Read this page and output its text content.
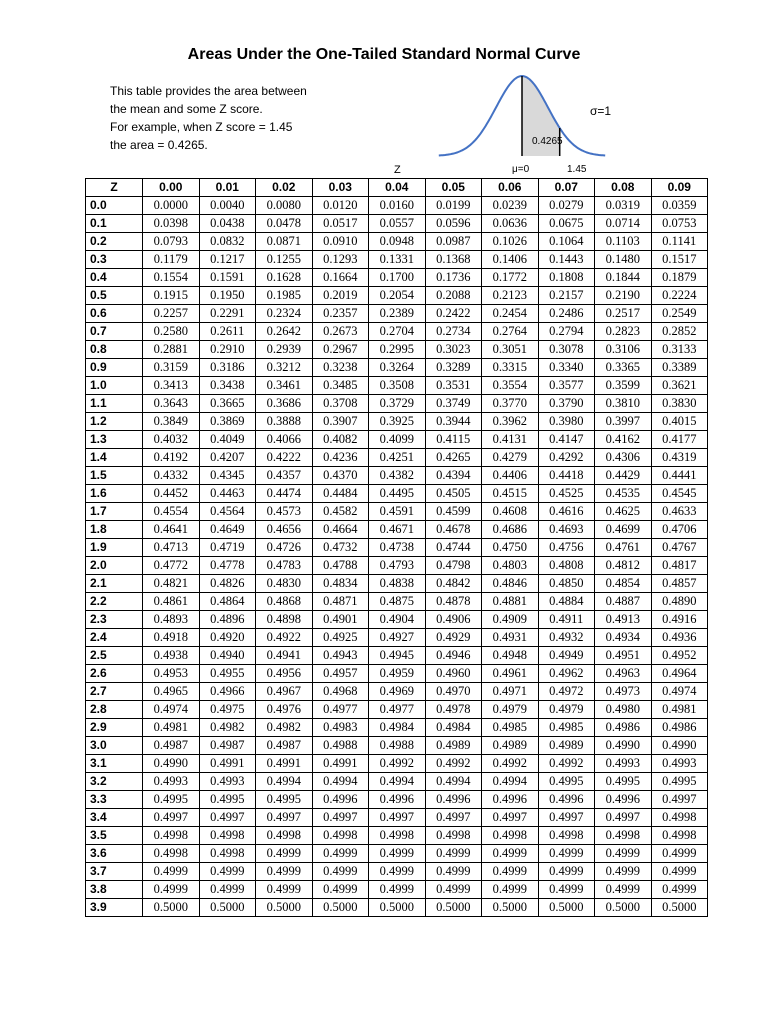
Areas Under the One-Tailed Standard Normal Curve
This table provides the area between
the mean and some Z score.
For example, when Z score = 1.45
the area = 0.4265.
σ=1
0.4265
Z	μ=0	1.45
Z	0.00	0.01	0.02	0.03	0.04	0.05	0.06	0.07	0.08	0.09
0.0	0.0000	0.0040	0.0080	0.0120	0.0160	0.0199	0.0239	0.0279	0.0319	0.0359
0.1	0.0398	0.0438	0.0478	0.0517	0.0557	0.0596	0.0636	0.0675	0.0714	0.0753
0.2	0.0793	0.0832	0.0871	0.0910	0.0948	0.0987	0.1026	0.1064	0.1103	0.1141
0.3	0.1179	0.1217	0.1255	0.1293	0.1331	0.1368	0.1406	0.1443	0.1480	0.1517
0.4	0.1554	0.1591	0.1628	0.1664	0.1700	0.1736	0.1772	0.1808	0.1844	0.1879
0.5	0.1915	0.1950	0.1985	0.2019	0.2054	0.2088	0.2123	0.2157	0.2190	0.2224
0.6	0.2257	0.2291	0.2324	0.2357	0.2389	0.2422	0.2454	0.2486	0.2517	0.2549
0.7	0.2580	0.2611	0.2642	0.2673	0.2704	0.2734	0.2764	0.2794	0.2823	0.2852
0.8	0.2881	0.2910	0.2939	0.2967	0.2995	0.3023	0.3051	0.3078	0.3106	0.3133
0.9	0.3159	0.3186	0.3212	0.3238	0.3264	0.3289	0.3315	0.3340	0.3365	0.3389
1.0	0.3413	0.3438	0.3461	0.3485	0.3508	0.3531	0.3554	0.3577	0.3599	0.3621
1.1	0.3643	0.3665	0.3686	0.3708	0.3729	0.3749	0.3770	0.3790	0.3810	0.3830
1.2	0.3849	0.3869	0.3888	0.3907	0.3925	0.3944	0.3962	0.3980	0.3997	0.4015
1.3	0.4032	0.4049	0.4066	0.4082	0.4099	0.4115	0.4131	0.4147	0.4162	0.4177
1.4	0.4192	0.4207	0.4222	0.4236	0.4251	0.4265	0.4279	0.4292	0.4306	0.4319
1.5	0.4332	0.4345	0.4357	0.4370	0.4382	0.4394	0.4406	0.4418	0.4429	0.4441
1.6	0.4452	0.4463	0.4474	0.4484	0.4495	0.4505	0.4515	0.4525	0.4535	0.4545
1.7	0.4554	0.4564	0.4573	0.4582	0.4591	0.4599	0.4608	0.4616	0.4625	0.4633
1.8	0.4641	0.4649	0.4656	0.4664	0.4671	0.4678	0.4686	0.4693	0.4699	0.4706
1.9	0.4713	0.4719	0.4726	0.4732	0.4738	0.4744	0.4750	0.4756	0.4761	0.4767
2.0	0.4772	0.4778	0.4783	0.4788	0.4793	0.4798	0.4803	0.4808	0.4812	0.4817
2.1	0.4821	0.4826	0.4830	0.4834	0.4838	0.4842	0.4846	0.4850	0.4854	0.4857
2.2	0.4861	0.4864	0.4868	0.4871	0.4875	0.4878	0.4881	0.4884	0.4887	0.4890
2.3	0.4893	0.4896	0.4898	0.4901	0.4904	0.4906	0.4909	0.4911	0.4913	0.4916
2.4	0.4918	0.4920	0.4922	0.4925	0.4927	0.4929	0.4931	0.4932	0.4934	0.4936
2.5	0.4938	0.4940	0.4941	0.4943	0.4945	0.4946	0.4948	0.4949	0.4951	0.4952
2.6	0.4953	0.4955	0.4956	0.4957	0.4959	0.4960	0.4961	0.4962	0.4963	0.4964
2.7	0.4965	0.4966	0.4967	0.4968	0.4969	0.4970	0.4971	0.4972	0.4973	0.4974
2.8	0.4974	0.4975	0.4976	0.4977	0.4977	0.4978	0.4979	0.4979	0.4980	0.4981
2.9	0.4981	0.4982	0.4982	0.4983	0.4984	0.4984	0.4985	0.4985	0.4986	0.4986
3.0	0.4987	0.4987	0.4987	0.4988	0.4988	0.4989	0.4989	0.4989	0.4990	0.4990
3.1	0.4990	0.4991	0.4991	0.4991	0.4992	0.4992	0.4992	0.4992	0.4993	0.4993
3.2	0.4993	0.4993	0.4994	0.4994	0.4994	0.4994	0.4994	0.4995	0.4995	0.4995
3.3	0.4995	0.4995	0.4995	0.4996	0.4996	0.4996	0.4996	0.4996	0.4996	0.4997
3.4	0.4997	0.4997	0.4997	0.4997	0.4997	0.4997	0.4997	0.4997	0.4997	0.4998
3.5	0.4998	0.4998	0.4998	0.4998	0.4998	0.4998	0.4998	0.4998	0.4998	0.4998
3.6	0.4998	0.4998	0.4999	0.4999	0.4999	0.4999	0.4999	0.4999	0.4999	0.4999
3.7	0.4999	0.4999	0.4999	0.4999	0.4999	0.4999	0.4999	0.4999	0.4999	0.4999
3.8	0.4999	0.4999	0.4999	0.4999	0.4999	0.4999	0.4999	0.4999	0.4999	0.4999
3.9	0.5000	0.5000	0.5000	0.5000	0.5000	0.5000	0.5000	0.5000	0.5000	0.5000
